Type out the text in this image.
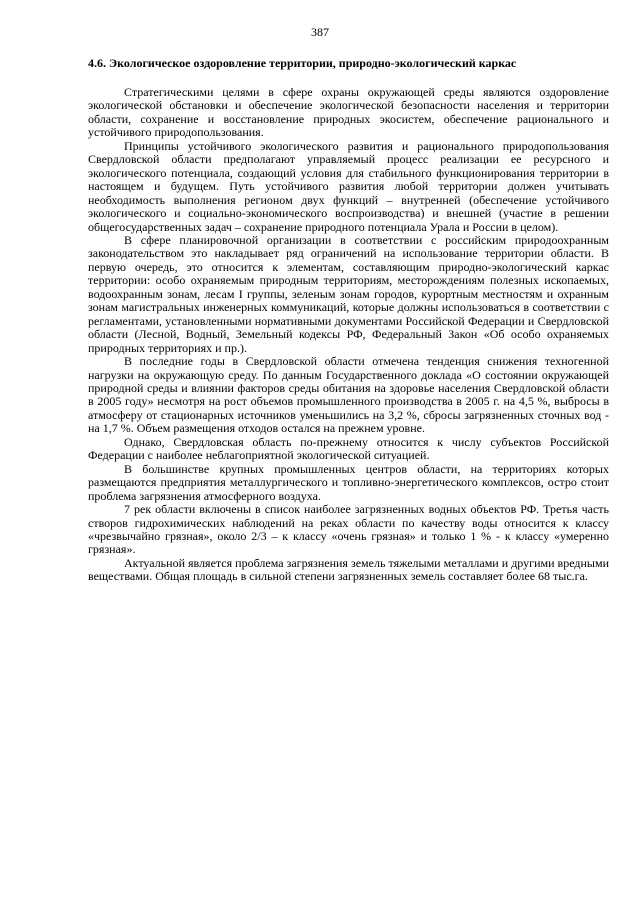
387
4.6. Экологическое оздоровление территории, природно-экологический каркас

Стратегическими целями в сфере охраны окружающей среды являются оздоровление экологической обстановки и обеспечение экологической безопасности населения и территории области, сохранение и восстановление природных экосистем, обеспечение рационального и устойчивого природопользования.

Принципы устойчивого экологического развития и рационального природопользования Свердловской области предполагают управляемый процесс реализации ее ресурсного и экологического потенциала, создающий условия для стабильного функционирования территории в настоящем и будущем. Путь устойчивого развития любой территории должен учитывать необходимость выполнения регионом двух функций – внутренней (обеспечение устойчивого экологического и социально-экономического воспроизводства) и внешней (участие в решении общегосударственных задач – сохранение природного потенциала Урала и России в целом).

В сфере планировочной организации в соответствии с российским природоохранным законодательством это накладывает ряд ограничений на использование территории области. В первую очередь, это относится к элементам, составляющим природно-экологический каркас территории: особо охраняемым природным территориям, месторождениям полезных ископаемых, водоохранным зонам, лесам I группы, зеленым зонам городов, курортным местностям и охранным зонам магистральных инженерных коммуникаций, которые должны использоваться в соответствии с регламентами, установленными нормативными документами Российской Федерации и Свердловской области (Лесной, Водный, Земельный кодексы РФ, Федеральный Закон «Об особо охраняемых природных территориях и пр.).

В последние годы в Свердловской области отмечена тенденция снижения техногенной нагрузки на окружающую среду. По данным Государственного доклада «О состоянии окружающей природной среды и влиянии факторов среды обитания на здоровье населения Свердловской области в 2005 году» несмотря на рост объемов промышленного производства в 2005 г. на 4,5 %, выбросы в атмосферу от стационарных источников уменьшились на 3,2 %, сбросы загрязненных сточных вод - на 1,7 %. Объем размещения отходов остался на прежнем уровне.

Однако, Свердловская область по-прежнему относится к числу субъектов Российской Федерации с наиболее неблагоприятной экологической ситуацией.

В большинстве крупных промышленных центров области, на территориях которых размещаются предприятия металлургического и топливно-энергетического комплексов, остро стоит проблема загрязнения атмосферного воздуха.

7 рек области включены в список наиболее загрязненных водных объектов РФ. Третья часть створов гидрохимических наблюдений на реках области по качеству воды относится к классу «чрезвычайно грязная», около 2/3 – к классу «очень грязная» и только 1 % - к классу «умеренно грязная».

Актуальной является проблема загрязнения земель тяжелыми металлами и другими вредными веществами. Общая площадь в сильной степени загрязненных земель составляет более 68 тыс.га.
